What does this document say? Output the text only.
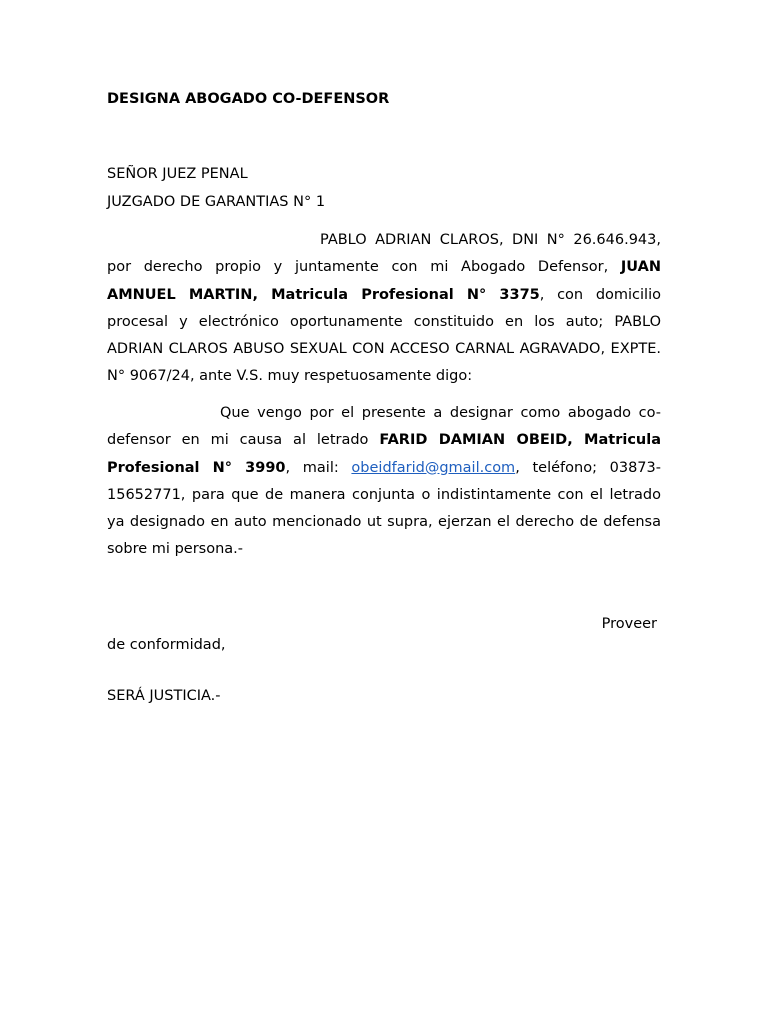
DESIGNA ABOGADO CO-DEFENSOR
SEÑOR JUEZ PENAL
JUZGADO DE GARANTIAS N° 1
PABLO ADRIAN CLAROS, DNI N° 26.646.943, por derecho propio y juntamente con mi Abogado Defensor, JUAN AMNUEL MARTIN, Matricula Profesional N° 3375, con domicilio procesal y electrónico oportunamente constituido en los auto; PABLO ADRIAN CLAROS ABUSO SEXUAL CON ACCESO CARNAL AGRAVADO, EXPTE. N° 9067/24, ante V.S. muy respetuosamente digo:
Que vengo por el presente a designar como abogado co-defensor en mi causa al letrado FARID DAMIAN OBEID, Matricula Profesional N° 3990, mail: obeidfarid@gmail.com, teléfono; 03873-15652771, para que de manera conjunta o indistintamente con el letrado ya designado en auto mencionado ut supra, ejerzan el derecho de defensa sobre mi persona.-
Proveer
de conformidad,
SERÁ JUSTICIA.-
